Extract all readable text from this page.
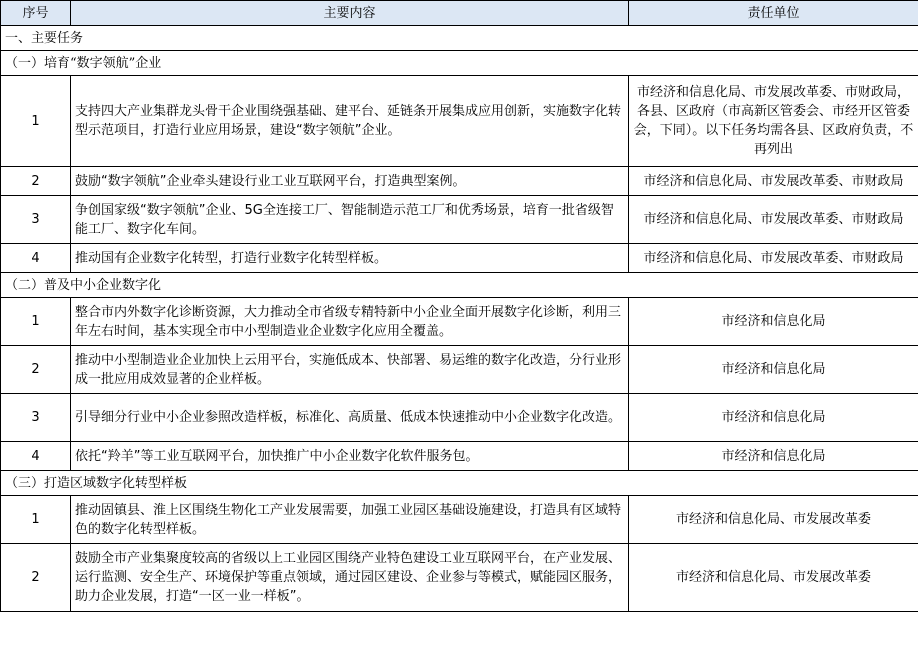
序号	主要内容	责任单位
一、主要任务		
（一）培育“数字领航”企业		
1	支持四大产业集群龙头骨干企业围绕强基础、建平台、延链条开展集成应用创新，实施数字化转型示范项目，打造行业应用场景，建设“数字领航”企业。	市经济和信息化局、市发展改革委、市财政局，各县、区政府（市高新区管委会、市经开区管委会，下同）。以下任务均需各县、区政府负责，不再列出
2	鼓励“数字领航”企业牵头建设行业工业互联网平台，打造典型案例。	市经济和信息化局、市发展改革委、市财政局
3	争创国家级“数字领航”企业、5G全连接工厂、智能制造示范工厂和优秀场景，培育一批省级智能工厂、数字化车间。	市经济和信息化局、市发展改革委、市财政局
4	推动国有企业数字化转型，打造行业数字化转型样板。	市经济和信息化局、市发展改革委、市财政局
（二）普及中小企业数字化		
1	整合市内外数字化诊断资源，大力推动全市省级专精特新中小企业全面开展数字化诊断，利用三年左右时间，基本实现全市中小型制造业企业数字化应用全覆盖。	市经济和信息化局
2	推动中小型制造业企业加快上云用平台，实施低成本、快部署、易运维的数字化改造，分行业形成一批应用成效显著的企业样板。	市经济和信息化局
3	引导细分行业中小企业参照改造样板，标准化、高质量、低成本快速推动中小企业数字化改造。	市经济和信息化局
4	依托“羚羊”等工业互联网平台，加快推广中小企业数字化软件服务包。	市经济和信息化局
（三）打造区域数字化转型样板		
1	推动固镇县、淮上区围绕生物化工产业发展需要，加强工业园区基础设施建设，打造具有区域特色的数字化转型样板。	市经济和信息化局、市发展改革委
2	鼓励全市产业集聚度较高的省级以上工业园区围绕产业特色建设工业互联网平台，在产业发展、运行监测、安全生产、环境保护等重点领域，通过园区建设、企业参与等模式，赋能园区服务，助力企业发展，打造“一区一业一样板”。	市经济和信息化局、市发展改革委
